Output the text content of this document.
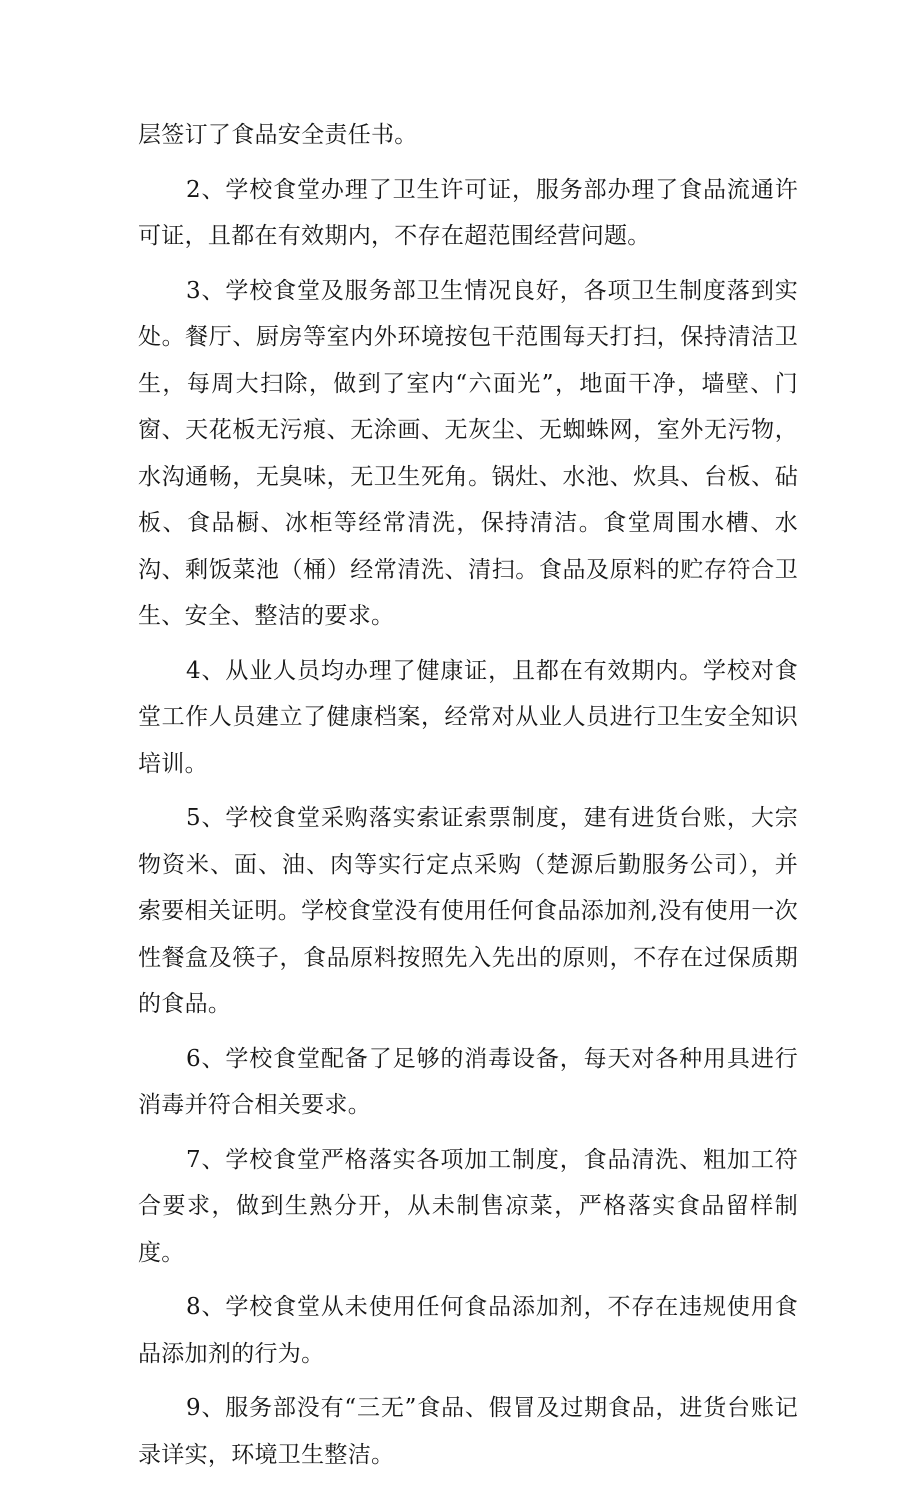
层签订了食品安全责任书。

2、学校食堂办理了卫生许可证，服务部办理了食品流通许可证，且都在有效期内，不存在超范围经营问题。

3、学校食堂及服务部卫生情况良好，各项卫生制度落到实处。餐厅、厨房等室内外环境按包干范围每天打扫，保持清洁卫生，每周大扫除，做到了室内“六面光”，地面干净，墙壁、门窗、天花板无污痕、无涂画、无灰尘、无蜘蛛网，室外无污物，水沟通畅，无臭味，无卫生死角。锅灶、水池、炊具、台板、砧板、食品橱、冰柜等经常清洗，保持清洁。食堂周围水槽、水沟、剩饭菜池（桶）经常清洗、清扫。食品及原料的贮存符合卫生、安全、整洁的要求。

4、从业人员均办理了健康证，且都在有效期内。学校对食堂工作人员建立了健康档案，经常对从业人员进行卫生安全知识培训。

5、学校食堂采购落实索证索票制度，建有进货台账，大宗物资米、面、油、肉等实行定点采购（楚源后勤服务公司），并索要相关证明。学校食堂没有使用任何食品添加剂,没有使用一次性餐盒及筷子，食品原料按照先入先出的原则，不存在过保质期的食品。

6、学校食堂配备了足够的消毒设备，每天对各种用具进行消毒并符合相关要求。

7、学校食堂严格落实各项加工制度，食品清洗、粗加工符合要求，做到生熟分开，从未制售凉菜，严格落实食品留样制度。

8、学校食堂从未使用任何食品添加剂，不存在违规使用食品添加剂的行为。

9、服务部没有“三无”食品、假冒及过期食品，进货台账记录详实，环境卫生整洁。
